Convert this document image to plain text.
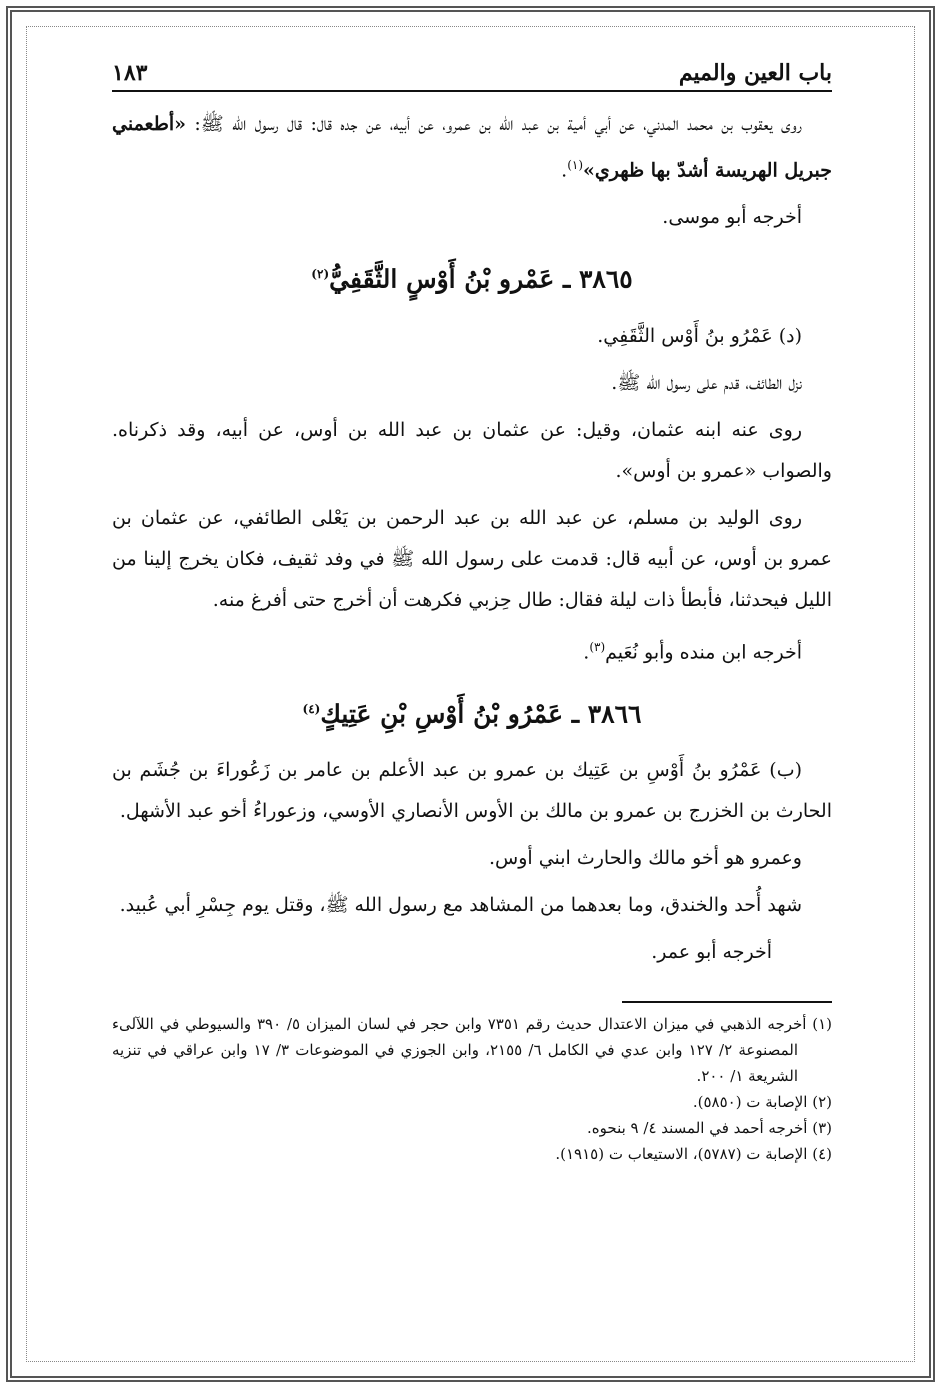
باب العين والميم
١٨٣

روى يعقوب بن محمد المدني، عن أبي أمية بن عبد الله بن عمرو، عن أبيه، عن جده قال: قال رسول الله ﷺ: «أطعمني جبريل الهريسة أشدّ بها ظهري»$^{(١)}$.

أخرجه أبو موسى.

٣٨٦٥ ـ عَمْرو بْنُ أَوْسٍ الثَّقَفِيُّ$^{(٢)}$

(د) عَمْرُو بنُ أَوْس الثَّقَفِي.

نزل الطائف، قدم على رسول الله ﷺ.

روى عنه ابنه عثمان، وقيل: عن عثمان بن عبد الله بن أوس، عن أبيه، وقد ذكرناه. والصواب «عمرو بن أوس».

روى الوليد بن مسلم، عن عبد الله بن عبد الرحمن بن يَعْلى الطائفي، عن عثمان بن عمرو بن أوس، عن أبيه قال: قدمت على رسول الله ﷺ في وفد ثقيف، فكان يخرج إلينا من الليل فيحدثنا، فأبطأ ذات ليلة فقال: طال حِزبي فكرهت أن أخرج حتى أفرغ منه.

أخرجه ابن منده وأبو نُعَيم$^{(٣)}$.

٣٨٦٦ ـ عَمْرُو بْنُ أَوْسِ بْنِ عَتِيكٍ$^{(٤)}$

(ب) عَمْرُو بنُ أَوْسِ بن عَتِيك بن عمرو بن عبد الأعلم بن عامر بن زَعُوراءَ بن جُشَم بن الحارث بن الخزرج بن عمرو بن مالك بن الأوس الأنصاري الأوسي، وزعوراءُ أخو عبد الأشهل.

وعمرو هو أخو مالك والحارث ابني أوس.

شهد أُحد والخندق، وما بعدهما من المشاهد مع رسول الله ﷺ، وقتل يوم جِسْرِ أبي عُبيد.

أخرجه أبو عمر.

(١) أخرجه الذهبي في ميزان الاعتدال حديث رقم ٧٣٥١ وابن حجر في لسان الميزان ٥/ ٣٩٠ والسيوطي في اللآلىء المصنوعة ٢/ ١٢٧ وابن عدي في الكامل ٦/ ٢١٥٥، وابن الجوزي في الموضوعات ٣/ ١٧ وابن عراقي في تنزيه الشريعة ١/ ٢٠٠.

(٢) الإصابة ت (٥٨٥٠).

(٣) أخرجه أحمد في المسند ٤/ ٩ بنحوه.

(٤) الإصابة ت (٥٧٨٧)، الاستيعاب ت (١٩١٥).
